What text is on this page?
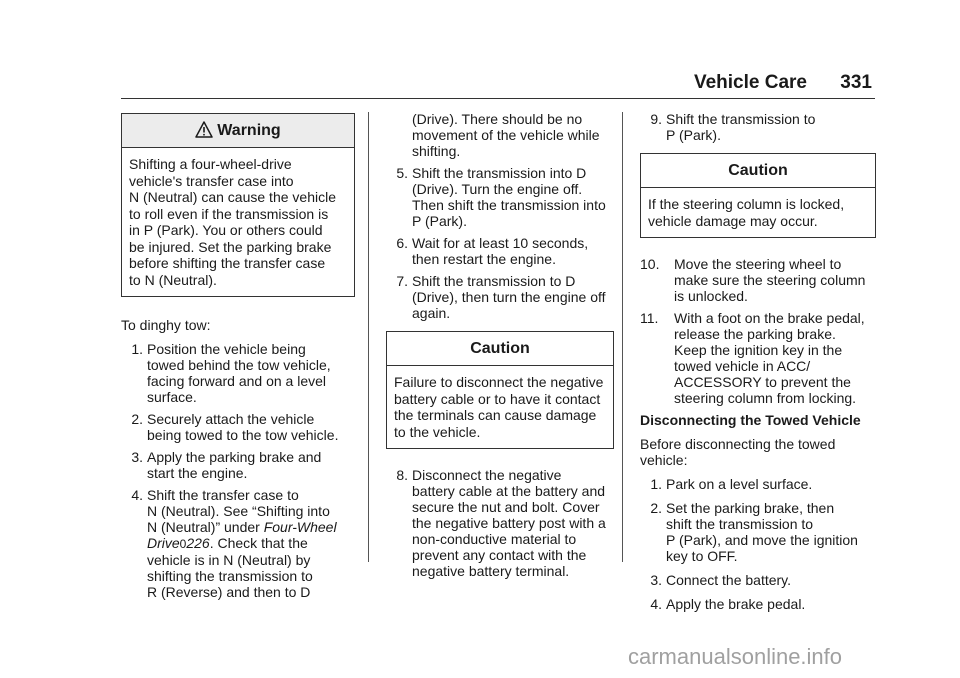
Vehicle Care 331
Warning
Shifting a four-wheel-drive
vehicle's transfer case into
N (Neutral) can cause the vehicle
to roll even if the transmission is
in P (Park). You or others could
be injured. Set the parking brake
before shifting the transfer case
to N (Neutral).

To dinghy tow:

1. Position the vehicle being
towed behind the tow vehicle,
facing forward and on a level
surface.
2. Securely attach the vehicle
being towed to the tow vehicle.
3. Apply the parking brake and
start the engine.
4. Shift the transfer case to
N (Neutral). See “Shifting into
N (Neutral)” under Four-Wheel
Drive0226. Check that the
vehicle is in N (Neutral) by
shifting the transmission to
R (Reverse) and then to D
(Drive). There should be no
movement of the vehicle while
shifting.
5. Shift the transmission into D
(Drive). Turn the engine off.
Then shift the transmission into
P (Park).
6. Wait for at least 10 seconds,
then restart the engine.
7. Shift the transmission to D
(Drive), then turn the engine off
again.
Caution
Failure to disconnect the negative
battery cable or to have it contact
the terminals can cause damage
to the vehicle.
8. Disconnect the negative
battery cable at the battery and
secure the nut and bolt. Cover
the negative battery post with a
non-conductive material to
prevent any contact with the
negative battery terminal.
9. Shift the transmission to
P (Park).
Caution
If the steering column is locked,
vehicle damage may occur.
10.	Move the steering wheel to
make sure the steering column
is unlocked.
11.	With a foot on the brake pedal,
release the parking brake.
Keep the ignition key in the
towed vehicle in ACC/
ACCESSORY to prevent the
steering column from locking.
Disconnecting the Towed Vehicle
Before disconnecting the towed
vehicle:
1. Park on a level surface.
2. Set the parking brake, then
shift the transmission to
P (Park), and move the ignition
key to OFF.
3. Connect the battery.
4. Apply the brake pedal.
carmanualsonline.info
